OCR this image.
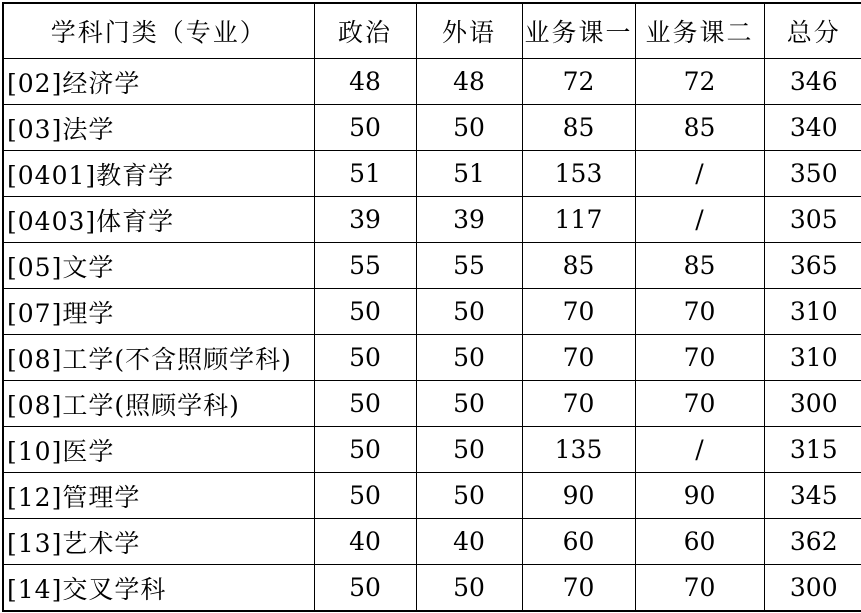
学科门类（专业）	政治	外语	业务课一	业务课二	总分
[02]经济学	48	48	72	72	346
[03]法学	50	50	85	85	340
[0401]教育学	51	51	153	/	350
[0403]体育学	39	39	117	/	305
[05]文学	55	55	85	85	365
[07]理学	50	50	70	70	310
[08]工学(不含照顾学科)	50	50	70	70	310
[08]工学(照顾学科)	50	50	70	70	300
[10]医学	50	50	135	/	315
[12]管理学	50	50	90	90	345
[13]艺术学	40	40	60	60	362
[14]交叉学科	50	50	70	70	300
